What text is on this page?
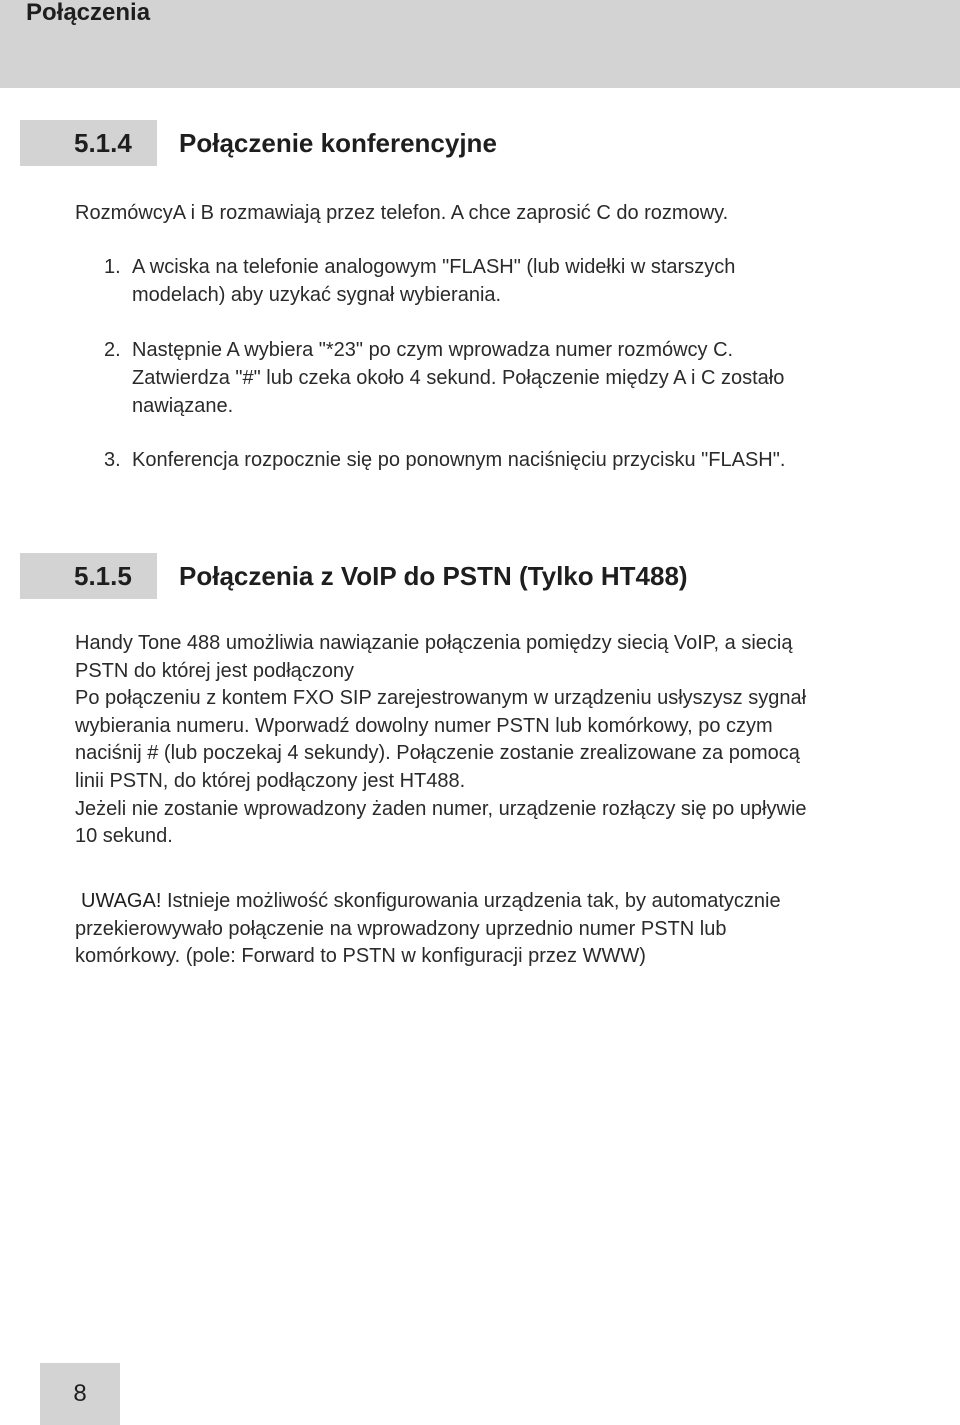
Połączenia
5.1.4	Połączenie konferencyjne
RozmówcyA i B rozmawiają przez telefon. A chce zaprosić C do rozmowy.
1. A wciska na telefonie analogowym "FLASH" (lub widełki w starszych
modelach) aby uzykać sygnał wybierania.
2. Następnie A wybiera "*23" po czym wprowadza numer rozmówcy C.
Zatwierdza "#" lub czeka około 4 sekund. Połączenie między A i C zostało
nawiązane.
3. Konferencja rozpocznie się po ponownym naciśnięciu przycisku "FLASH".
5.1.5	Połączenia z VoIP do PSTN (Tylko HT488)
Handy Tone 488 umożliwia nawiązanie połączenia pomiędzy siecią VoIP, a siecią
PSTN do której jest podłączony
Po połączeniu z kontem FXO SIP zarejestrowanym w urządzeniu usłyszysz sygnał
wybierania numeru. Wporwadź dowolny numer PSTN lub komórkowy, po czym
naciśnij # (lub poczekaj 4 sekundy). Połączenie zostanie zrealizowane za pomocą
linii PSTN, do której podłączony jest HT488.
Jeżeli nie zostanie wprowadzony żaden numer, urządzenie rozłączy się po upływie
10 sekund.
UWAGA! Istnieje możliwość skonfigurowania urządzenia tak, by automatycznie
przekierowywało połączenie na wprowadzony uprzednio numer PSTN lub
komórkowy. (pole: Forward to PSTN w konfiguracji przez WWW)
8
